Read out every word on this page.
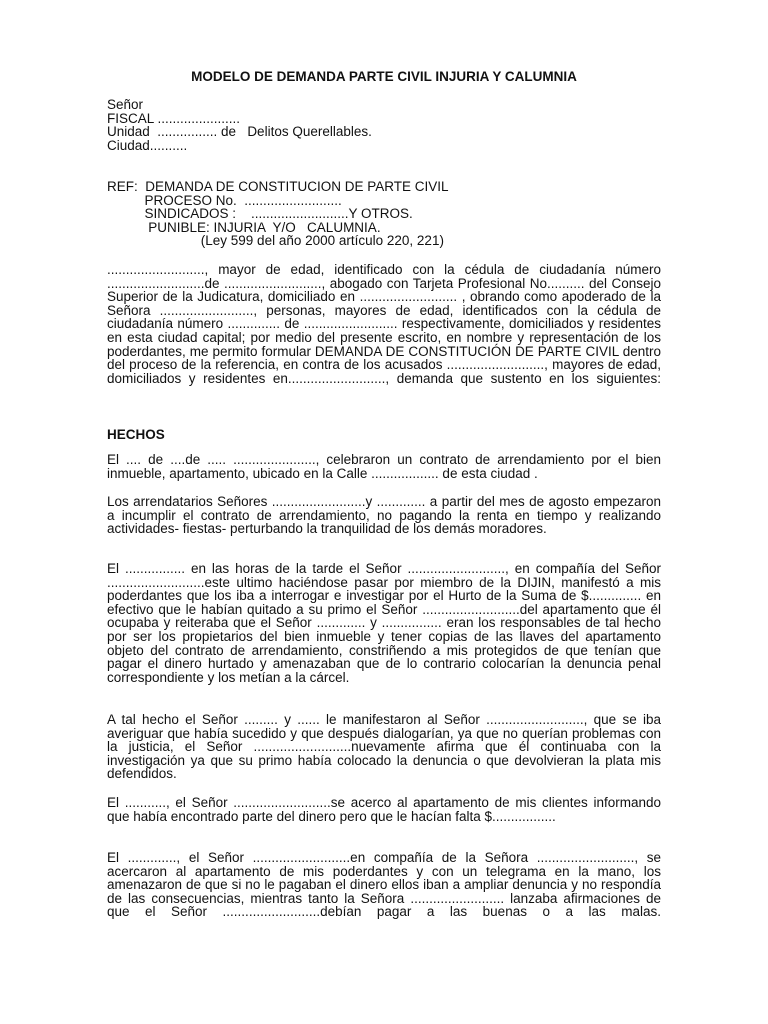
MODELO DE DEMANDA PARTE CIVIL INJURIA Y CALUMNIA
Señor
FISCAL ......................
Unidad  ................ de   Delitos Querellables.
Ciudad..........
REF:  DEMANDA DE CONSTITUCION DE PARTE CIVIL
PROCESO No.  ..........................
SINDICADOS :    ..........................Y OTROS.
PUNIBLE: INJURIA  Y/O   CALUMNIA.
(Ley 599 del año 2000 artículo 220, 221)
.........................., mayor de edad, identificado con la cédula de ciudadanía número ..........................de .........................., abogado con Tarjeta Profesional No.......... del Consejo Superior de la Judicatura, domiciliado en .......................... , obrando como apoderado de la Señora ........................., personas, mayores de edad, identificados con la cédula de ciudadanía número .............. de ......................... respectivamente, domiciliados y residentes en esta ciudad capital; por medio del presente escrito, en nombre y representación de los poderdantes, me permito formular DEMANDA DE CONSTITUCIÓN DE PARTE CIVIL dentro del proceso de la referencia, en contra de los acusados .........................., mayores de edad, domiciliados y residentes en.........................., demanda que sustento en los siguientes:
HECHOS
El .... de ....de ..... ......................, celebraron un contrato de arrendamiento por el bien inmueble, apartamento, ubicado en la Calle .................. de esta ciudad .
Los arrendatarios Señores .........................y ............. a partir del mes de agosto empezaron a incumplir el contrato de arrendamiento, no pagando la renta en tiempo y realizando actividades- fiestas- perturbando la tranquilidad de los demás moradores.
El ................ en las horas de la tarde el Señor .........................., en compañía del Señor ..........................este ultimo haciéndose pasar por miembro de la DIJIN, manifestó a mis poderdantes que los iba a interrogar e investigar por el Hurto de la Suma de $.............. en efectivo que le habían quitado a su primo el Señor ..........................del apartamento que él ocupaba y reiteraba que el Señor ............. y ................ eran los responsables de tal hecho por ser los propietarios del bien inmueble y tener copias de las llaves del apartamento objeto del contrato de arrendamiento, constriñendo a mis protegidos de que tenían que pagar el dinero hurtado y amenazaban que de lo contrario colocarían la denuncia penal correspondiente y los metían a la cárcel.
A tal hecho el Señor ......... y ...... le manifestaron al Señor .........................., que se iba averiguar que había sucedido y que después dialogarían, ya que no querían problemas con la justicia, el Señor ..........................nuevamente afirma que él continuaba con la investigación ya que su primo había colocado la denuncia o que devolvieran la plata mis defendidos.
El ..........., el Señor ..........................se acerco al apartamento de mis clientes informando que había encontrado parte del dinero pero que le hacían falta $.................
El ............., el Señor ..........................en compañía de la Señora .........................., se acercaron al apartamento de mis poderdantes y con un telegrama en la mano, los amenazaron de que si no le pagaban el dinero ellos iban a ampliar denuncia y no respondía de las consecuencias, mientras tanto la Señora ......................... lanzaba afirmaciones de que el Señor ..........................debían pagar a las buenas o a las malas.
